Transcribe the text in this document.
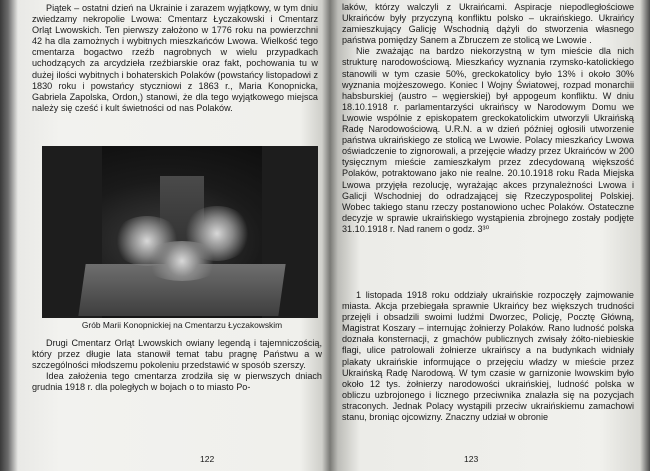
Piątek – ostatni dzień na Ukrainie i zarazem wyjątkowy, w tym dniu zwiedzamy nekropolie Lwowa: Cmentarz Łyczakowski i Cmentarz Orląt Lwowskich. Ten pierwszy założono w 1776 roku na powierzchni 42 ha dla zamożnych i wybitnych mieszkańców Lwowa. Wielkość tego cmentarza bogactwo rzeźb nagrobnych w wielu przypadkach uchodzących za arcydzieła rzeźbiarskie oraz fakt, pochowania tu w dużej ilości wybitnych i bohaterskich Polaków (powstańcy listopadowi z 1830 roku i powstańcy styczniowi z 1863 r., Maria Konopnicka, Gabriela Zapolska, Ordon,) stanowi, że dla tego wyjątkowego miejsca należy się cześć i kult świetności od nas Polaków.

Grób Marii Konopnickiej na Cmentarzu Łyczakowskim

Drugi Cmentarz Orląt Lwowskich owiany legendą i tajemniczością, który przez długie lata stanowił temat tabu pragnę Państwu a w szczególności młodszemu pokoleniu przedstawić w sposób szerszy.

Idea założenia tego cmentarza zrodziła się w pierwszych dniach grudnia 1918 r. dla poległych w bojach o to miasto Po-

122

laków, którzy walczyli z Ukraińcami. Aspiracje niepodległościowe Ukraińców były przyczyną konfliktu polsko – ukraińskiego. Ukraińcy zamieszkujący Galicję Wschodnią dążyli do stworzenia własnego państwa pomiędzy Sanem a Zbruczem ze stolicą we Lwowie .

Nie zważając na bardzo niekorzystną w tym mieście dla nich strukturę narodowościową. Mieszkańcy wyznania rzymsko-katolickiego stanowili w tym czasie 50%, greckokatolicy było 13% i około 30% wyznania mojżeszowego. Koniec I Wojny Światowej, rozpad monarchii habsburskiej (austro – węgierskiej) był appogeum konfliktu. W dniu 18.10.1918 r. parlamentarzyści ukraińscy w Narodowym Domu we Lwowie wspólnie z episkopatem greckokatolickim utworzyli Ukraińską Radę Narodowościową. U.R.N. a w dzień później ogłosili utworzenie państwa ukraińskiego ze stolicą we Lwowie. Polacy mieszkańcy Lwowa oświadczenie to zignorowali, a przejęcie władzy przez Ukraińców w 200 tysięcznym mieście zamieszkałym przez zdecydowaną większość Polaków, potraktowano jako nie realne. 20.10.1918 roku Rada Miejska Lwowa przyjęła rezolucję, wyrażając akces przynależności Lwowa i Galicji Wschodniej do odradzającej się Rzeczypospolitej Polskiej. Wobec takiego stanu rzeczy postanowiono uchec Polaków. Ostateczne decyzje w sprawie ukraińskiego wystąpienia zbrojnego zostały podjęte 31.10.1918 r. Nad ranem o godz. 3³⁰

1 listopada 1918 roku oddziały ukraińskie rozpoczęły zajmowanie miasta. Akcja przebiegała sprawnie Ukraińcy bez większych trudności przejęli i obsadzili swoimi ludźmi Dworzec, Policję, Pocztę Główną, Magistrat Koszary – internując żołnierzy Polaków. Rano ludność polska doznała konsternacji, z gmachów publicznych zwisały żółto-niebieskie flagi, ulice patrolowali żołnierze ukraińscy a na budynkach widniały plakaty ukraińskie informujące o przejęciu władzy w mieście przez Ukraińską Radę Narodową. W tym czasie w garnizonie lwowskim było około 12 tys. żołnierzy narodowości ukraińskiej, ludność polska w obliczu uzbrojonego i licznego przeciwnika znalazła się na pozycjach straconych. Jednak Polacy wystąpili przeciw ukraińskiemu zamachowi stanu, broniąc ojcowizny. Znaczny udział w obronie

123
